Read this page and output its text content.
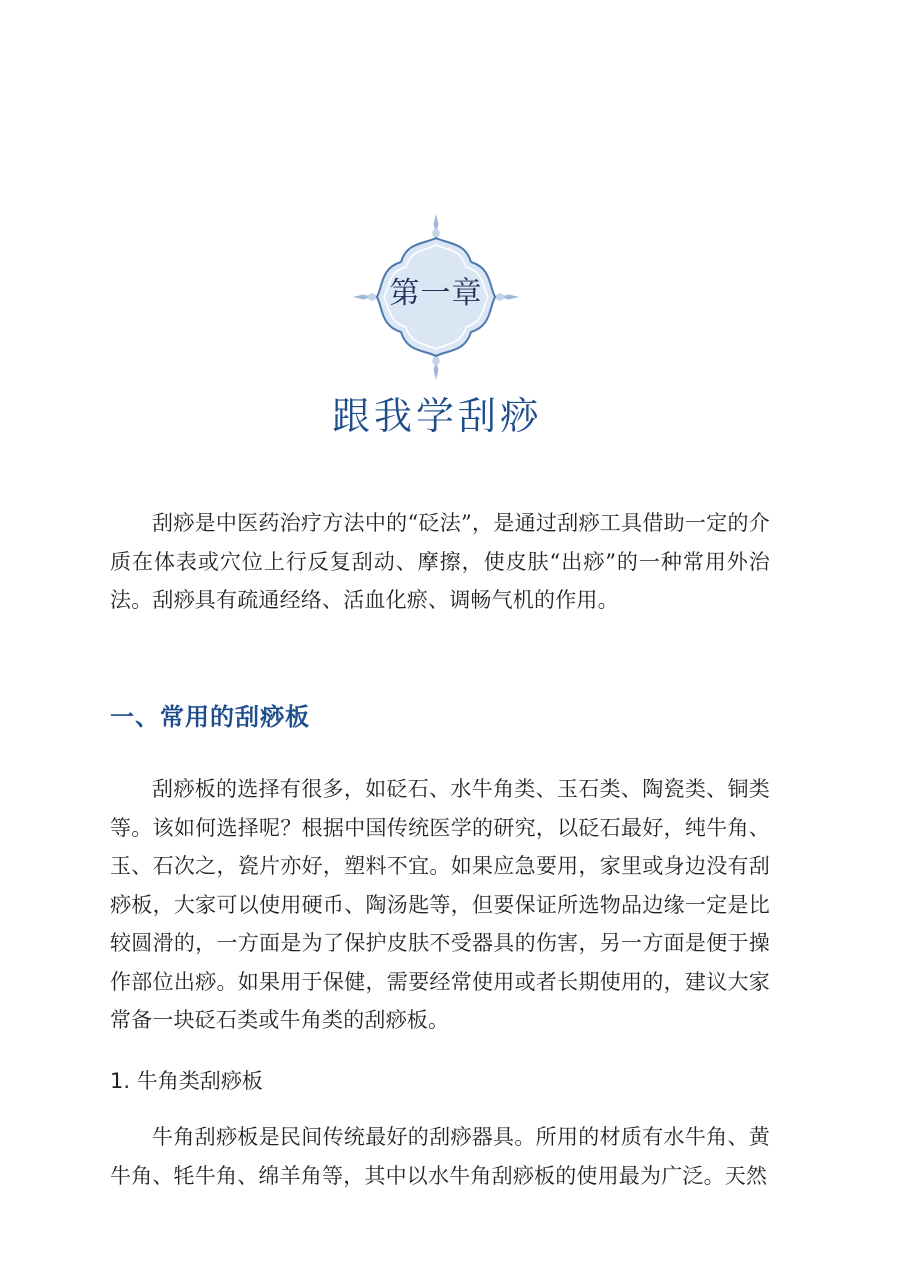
第一章
跟我学刮痧

刮痧是中医药治疗方法中的“砭法”，是通过刮痧工具借助一定的介质在体表或穴位上行反复刮动、摩擦，使皮肤“出痧”的一种常用外治法。刮痧具有疏通经络、活血化瘀、调畅气机的作用。

一、常用的刮痧板

刮痧板的选择有很多，如砭石、水牛角类、玉石类、陶瓷类、铜类等。该如何选择呢？根据中国传统医学的研究，以砭石最好，纯牛角、玉、石次之，瓷片亦好，塑料不宜。如果应急要用，家里或身边没有刮痧板，大家可以使用硬币、陶汤匙等，但要保证所选物品边缘一定是比较圆滑的，一方面是为了保护皮肤不受器具的伤害，另一方面是便于操作部位出痧。如果用于保健，需要经常使用或者长期使用的，建议大家常备一块砭石类或牛角类的刮痧板。

1. 牛角类刮痧板

牛角刮痧板是民间传统最好的刮痧器具。所用的材质有水牛角、黄牛角、牦牛角、绵羊角等，其中以水牛角刮痧板的使用最为广泛。天然
